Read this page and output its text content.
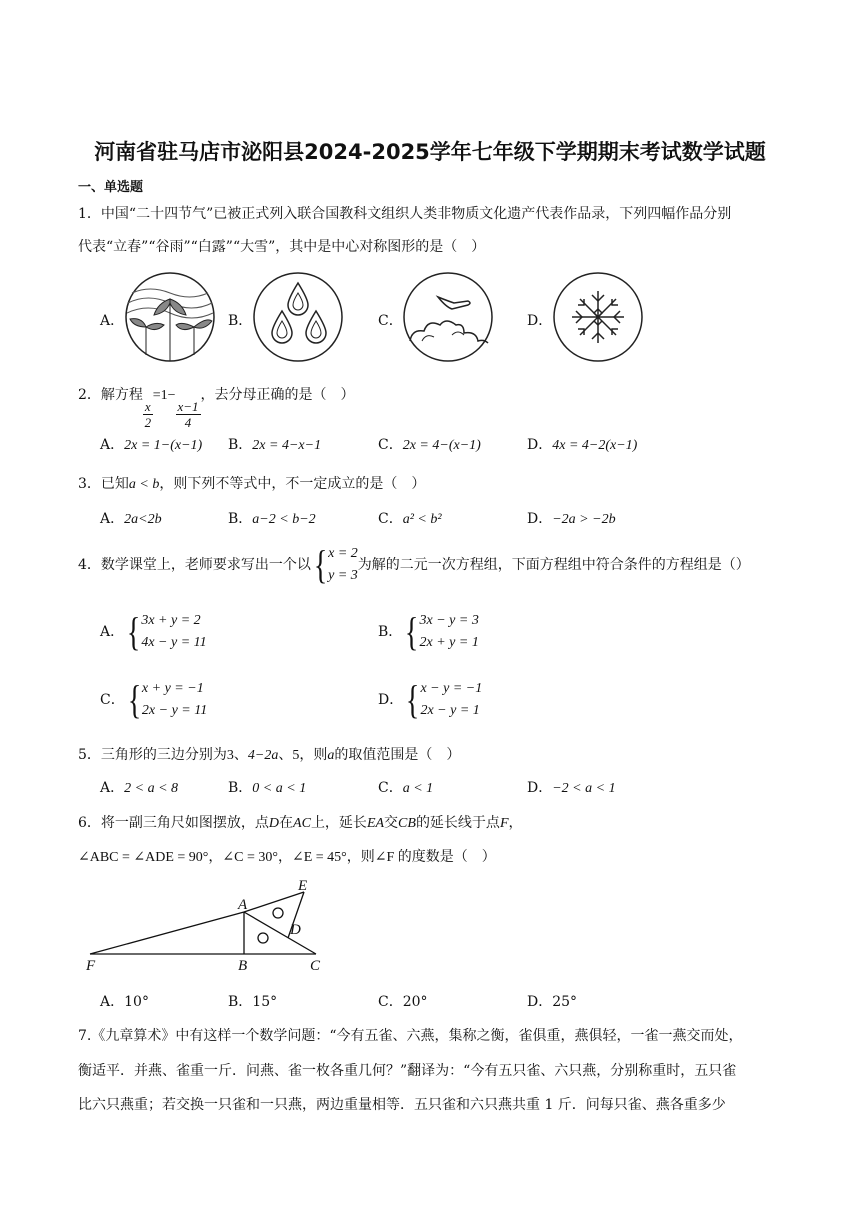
河南省驻马店市泌阳县2024-2025学年七年级下学期期末考试数学试题
一、单选题
1．中国“二十四节气”已被正式列入联合国教科文组织人类非物质文化遗产代表作品录，下列四幅作品分别
代表“立春”“谷雨”“白露”“大雪”，其中是中心对称图形的是（　）
A．	B．	C．	D．
2．解方程
$\frac{x}{2}$
=1−
$\frac{x-1}{4}$
，去分母正确的是（　）
A．2x = 1−(x−1) B．2x = 4−x−1	C．2x = 4−(x−1)	D．4x = 4−2(x−1)
3．已知a < b，则下列不等式中，不一定成立的是（　）
A．2a<2b	B．a−2 < b−2	C．a² < b²	D．−2a > −2b
4．数学课堂上，老师要求写出一个以 { x = 2
y = 3
为解的二元一次方程组，下面方程组中符合条件的方程组是（）
A． { 3x + y = 2
4x − y = 11
B． { 3x − y = 3
2x + y = 1
C． { x + y = −1
2x − y = 11
D． { x − y = −1
2x − y = 1
5．三角形的三边分别为3、4−2a、5，则a的取值范围是（　）
A．2 < a < 8	B．0 < a < 1	C．a < 1	D．−2 < a < 1
6．将一副三角尺如图摆放，点D在AC上，延长EA交CB的延长线于点F，
∠ABC = ∠ADE = 90°，∠C = 30°，∠E = 45°，则∠F 的度数是（　）
A
B	C
D
E
F
A．10°	B．15°	C．20°	D．25°
7.《九章算术》中有这样一个数学问题：“今有五雀、六燕，集称之衡，雀俱重，燕俱轻，一雀一燕交而处，
衡适平．并燕、雀重一斤．问燕、雀一枚各重几何？”翻译为：“今有五只雀、六只燕，分别称重时，五只雀
比六只燕重；若交换一只雀和一只燕，两边重量相等．五只雀和六只燕共重 1 斤．问每只雀、燕各重多少
